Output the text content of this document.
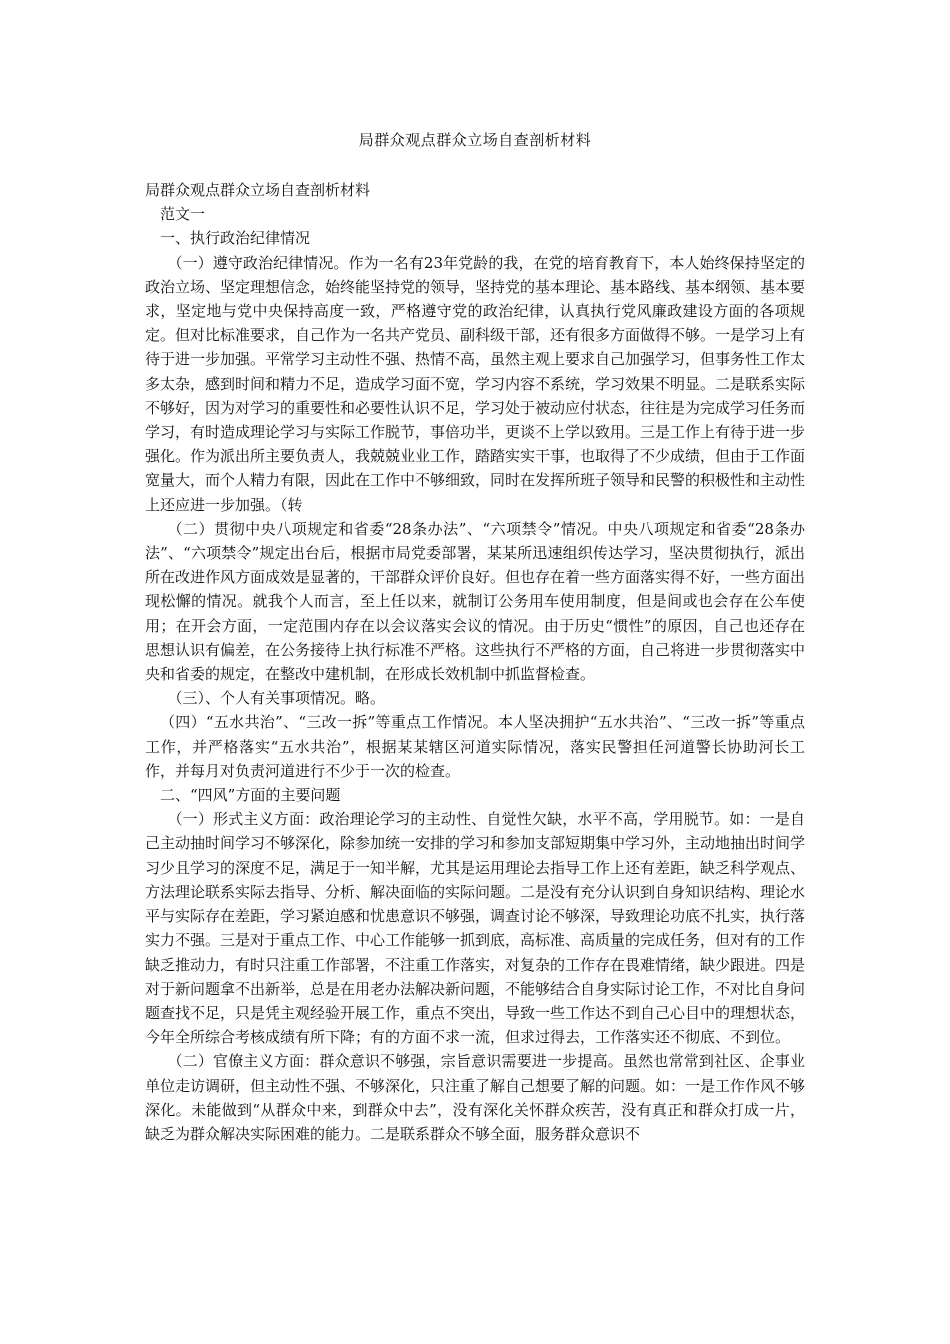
局群众观点群众立场自查剖析材料

局群众观点群众立场自查剖析材料

范文一

一、执行政治纪律情况

（一）遵守政治纪律情况。作为一名有23年党龄的我，在党的培育教育下，本人始终保持坚定的政治立场、坚定理想信念，始终能坚持党的领导，坚持党的基本理论、基本路线、基本纲领、基本要求，坚定地与党中央保持高度一致，严格遵守党的政治纪律，认真执行党风廉政建设方面的各项规定。但对比标准要求，自己作为一名共产党员、副科级干部，还有很多方面做得不够。一是学习上有待于进一步加强。平常学习主动性不强、热情不高，虽然主观上要求自己加强学习，但事务性工作太多太杂，感到时间和精力不足，造成学习面不宽，学习内容不系统，学习效果不明显。二是联系实际不够好，因为对学习的重要性和必要性认识不足，学习处于被动应付状态，往往是为完成学习任务而学习，有时造成理论学习与实际工作脱节，事倍功半，更谈不上学以致用。三是工作上有待于进一步强化。作为派出所主要负责人，我兢兢业业工作，踏踏实实干事，也取得了不少成绩，但由于工作面宽量大，而个人精力有限，因此在工作中不够细致，同时在发挥所班子领导和民警的积极性和主动性上还应进一步加强。（转

（二）贯彻中央八项规定和省委“28条办法”、“六项禁令”情况。中央八项规定和省委“28条办法”、“六项禁令”规定出台后，根据市局党委部署，某某所迅速组织传达学习，坚决贯彻执行，派出所在改进作风方面成效是显著的，干部群众评价良好。但也存在着一些方面落实得不好，一些方面出现松懈的情况。就我个人而言，至上任以来，就制订公务用车使用制度，但是间或也会存在公车使用；在开会方面，一定范围内存在以会议落实会议的情况。由于历史“惯性”的原因，自己也还存在思想认识有偏差，在公务接待上执行标准不严格。这些执行不严格的方面，自己将进一步贯彻落实中央和省委的规定，在整改中建机制，在形成长效机制中抓监督检查。

（三）、个人有关事项情况。略。

（四）“五水共治”、“三改一拆”等重点工作情况。本人坚决拥护“五水共治”、“三改一拆”等重点工作，并严格落实“五水共治”，根据某某辖区河道实际情况，落实民警担任河道警长协助河长工作，并每月对负责河道进行不少于一次的检查。

二、“四风”方面的主要问题

（一）形式主义方面：政治理论学习的主动性、自觉性欠缺，水平不高，学用脱节。如：一是自己主动抽时间学习不够深化，除参加统一安排的学习和参加支部短期集中学习外，主动地抽出时间学习少且学习的深度不足，满足于一知半解，尤其是运用理论去指导工作上还有差距，缺乏科学观点、方法理论联系实际去指导、分析、解决面临的实际问题。二是没有充分认识到自身知识结构、理论水平与实际存在差距，学习紧迫感和忧患意识不够强，调查讨论不够深，导致理论功底不扎实，执行落实力不强。三是对于重点工作、中心工作能够一抓到底，高标准、高质量的完成任务，但对有的工作缺乏推动力，有时只注重工作部署，不注重工作落实，对复杂的工作存在畏难情绪，缺少跟进。四是对于新问题拿不出新举，总是在用老办法解决新问题，不能够结合自身实际讨论工作，不对比自身问题查找不足，只是凭主观经验开展工作，重点不突出，导致一些工作达不到自己心目中的理想状态，今年全所综合考核成绩有所下降；有的方面不求一流，但求过得去，工作落实还不彻底、不到位。

（二）官僚主义方面：群众意识不够强，宗旨意识需要进一步提高。虽然也常常到社区、企事业单位走访调研，但主动性不强、不够深化，只注重了解自己想要了解的问题。如：一是工作作风不够深化。未能做到“从群众中来，到群众中去”，没有深化关怀群众疾苦，没有真正和群众打成一片，缺乏为群众解决实际困难的能力。二是联系群众不够全面，服务群众意识不
